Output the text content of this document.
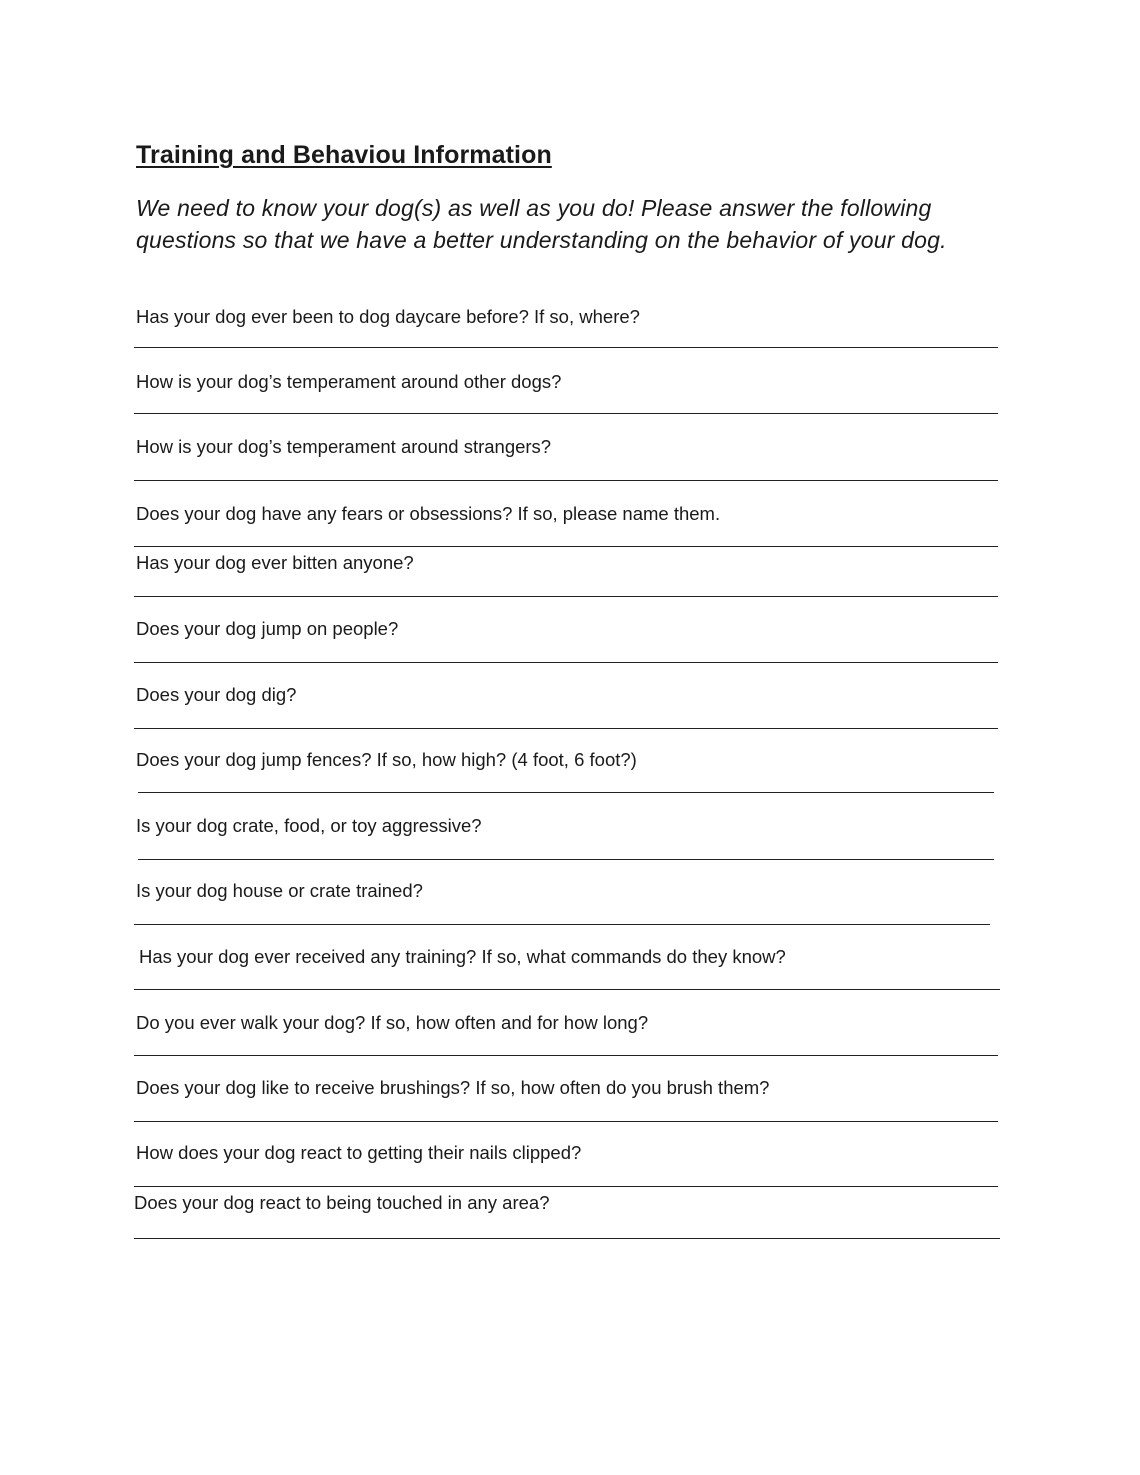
Training and Behaviou Information

We need to know your dog(s) as well as you do! Please answer the following questions so that we have a better understanding on the behavior of your dog.

Has your dog ever been to dog daycare before? If so, where?

How is your dog’s temperament around other dogs?

How is your dog’s temperament around strangers?

Does your dog have any fears or obsessions? If so, please name them.

Has your dog ever bitten anyone?

Does your dog jump on people?

Does your dog dig?

Does your dog jump fences? If so, how high? (4 foot, 6 foot?)

Is your dog crate, food, or toy aggressive?

Is your dog house or crate trained?

Has your dog ever received any training? If so, what commands do they know?

Do you ever walk your dog? If so, how often and for how long?

Does your dog like to receive brushings? If so, how often do you brush them?

How does your dog react to getting their nails clipped?

Does your dog react to being touched in any area?
